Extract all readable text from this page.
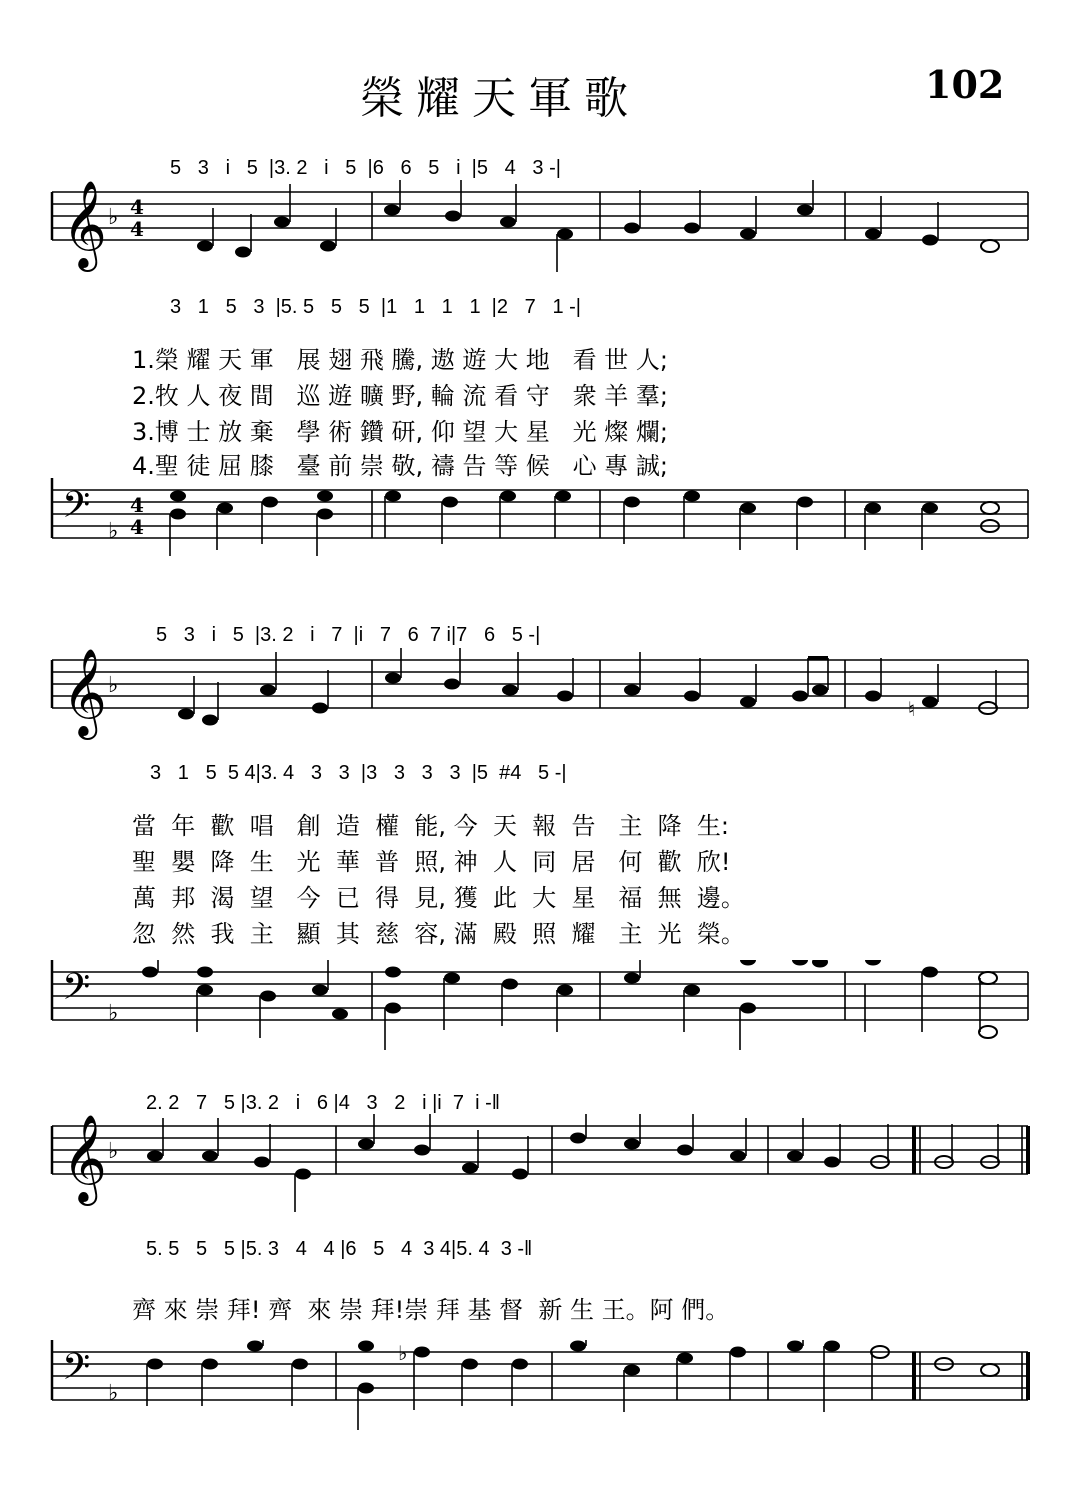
榮耀天軍歌	102
5   3   i   5  |3. 2   i   5  |6   6   5   i  |5   4   3 -|
𝄞 ♭ 4
4
3   1   5   3  |5. 5   5   5  |1   1   1   1  |2   7   1 -|
1.榮 耀 天 軍   展 翅 飛 騰, 遨 遊 大 地   看 世 人;
2.牧 人 夜 間   巡 遊 曠 野, 輪 流 看 守   衆 羊 羣;
3.博 士 放 棄   學 術 鑽 研, 仰 望 大 星   光 燦 爛;
4.聖 徒 屈 膝   臺 前 崇 敬, 禱 告 等 候   心 專 誠;
𝄢 ♭
4
4
5   3   i   5  |3. 2   i   7  |i   7   6  7 i|7   6   5 -|
𝄞 ♭
♮
3   1   5  5 4|3. 4   3   3  |3   3   3   3  |5  #4   5 -|
當  年  歡  唱   創  造  權  能, 今  天  報  告   主  降  生:
聖  嬰  降  生   光  華  普  照, 神  人  同  居   何  歡  欣!
萬  邦  渴  望   今  已  得  見, 獲  此  大  星   福  無  邊。
忽  然  我  主   顯  其  慈  容, 滿  殿  照  耀   主  光  榮。
𝄢 ♭
2. 2   7   5 |3. 2   i   6 |4   3   2   i |i  7  i -‖
𝄞 ♭
5. 5   5   5 |5. 3   4   4 |6   5   4  3 4|5. 4  3 -‖
齊 來 崇 拜! 齊  來 崇 拜!崇 拜 基 督  新 生 王。阿 們。
𝄢 ♭
♭
